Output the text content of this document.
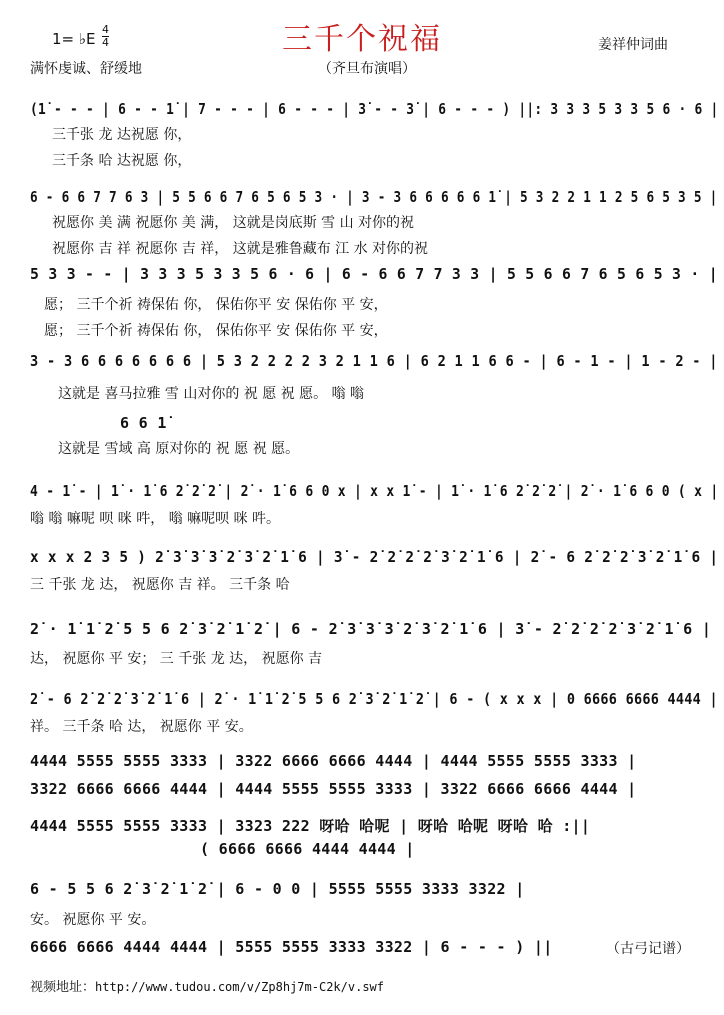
三千个祝福
1= ♭E
4
4
满怀虔诚、舒缓地	（齐旦布演唱）
姜祥仲词曲
(1̇ - - - | 6 - - 1̇ | 7 - - - | 6 - - - | 3̇ - - 3̇ | 6 - - - ) ||: 3 3 3 5 3 3 5 6 · 6 |
三千张 龙 达祝愿 你，
三千条 哈 达祝愿 你，
6 - 6 6 7 7 6 3 | 5 5 6 6 7 6 5 6 5 3 · | 3 - 3 6 6 6 6 6 1̇ | 5 3 2 2 1 1 2 5 6 5 3 5 |
祝愿你 美 满 祝愿你 美 满， 这就是岗底斯 雪 山 对你的祝
祝愿你 吉 祥 祝愿你 吉 祥， 这就是雅鲁藏布 江 水 对你的祝
5 3 3 - - | 3 3 3 5 3 3 5 6 · 6 | 6 - 6 6 7 7 3 3 | 5 5 6 6 7 6 5 6 5 3 · |
愿； 三千个祈 祷保佑 你， 保佑你平 安 保佑你 平 安，
愿； 三千个祈 祷保佑 你， 保佑你平 安 保佑你 平 安，
3 - 3 6 6 6 6 6 6 6 | 5 3 2 2 2 2 3 2 1 1 6 | 6 2 1 1 6 6 - | 6 - 1 - | 1 - 2 - |
这就是 喜马拉雅 雪 山对你的 祝 愿 祝 愿。 嗡 嗡
6 6 1̇
这就是 雪域 高 原对你的 祝 愿 祝 愿。
4 - 1̇ - | 1̇ · 1̇ 6 2̇ 2̇ 2̇ | 2̇ · 1̇ 6 6 0 x | x x 1̇ - | 1̇ · 1̇ 6 2̇ 2̇ 2̇ | 2̇ · 1̇ 6 6 0 ( x |
嗡 嗡 嘛呢 呗 咪 吽， 嗡 嘛呢呗 咪 吽。
x x x 2 3 5 ) 2̇ 3̇ 3̇ 3̇ 2̇ 3̇ 2̇ 1̇ 6 | 3̇ - 2̇ 2̇ 2̇ 2̇ 3̇ 2̇ 1̇ 6 | 2̇ - 6 2̇ 2̇ 2̇ 3̇ 2̇ 1̇ 6 |
三 千张 龙 达， 祝愿你 吉 祥。 三千条 哈
2̇ · 1̇ 1̇ 2̇ 5 5 6 2̇ 3̇ 2̇ 1̇ 2̇ | 6 - 2̇ 3̇ 3̇ 3̇ 2̇ 3̇ 2̇ 1̇ 6 | 3̇ - 2̇ 2̇ 2̇ 2̇ 3̇ 2̇ 1̇ 6 |
达， 祝愿你 平 安； 三 千张 龙 达， 祝愿你 吉
2̇ - 6 2̇ 2̇ 2̇ 3̇ 2̇ 1̇ 6 | 2̇ · 1̇ 1̇ 2̇ 5 5 6 2̇ 3̇ 2̇ 1̇ 2̇ | 6 - ( x x x | 0 6666 6666 4444 |
祥。 三千条 哈 达， 祝愿你 平 安。
4444 5555 5555 3333 | 3322 6666 6666 4444 | 4444 5555 5555 3333 |
3322 6666 6666 4444 | 4444 5555 5555 3333 | 3322 6666 6666 4444 |
4444 5555 5555 3333 | 3323 222 呀哈 哈呢 | 呀哈 哈呢 呀哈 哈 :||
( 6666 6666 4444 4444 |
6 - 5 5 6 2̇ 3̇ 2̇ 1̇ 2̇ | 6 - 0 0 | 5555 5555 3333 3322 |
安。 祝愿你 平 安。
6666 6666 4444 4444 | 5555 5555 3333 3322 | 6 - - - ) ||	（古弓记谱）
视频地址：http://www.tudou.com/v/Zp8hj7m-C2k/v.swf
